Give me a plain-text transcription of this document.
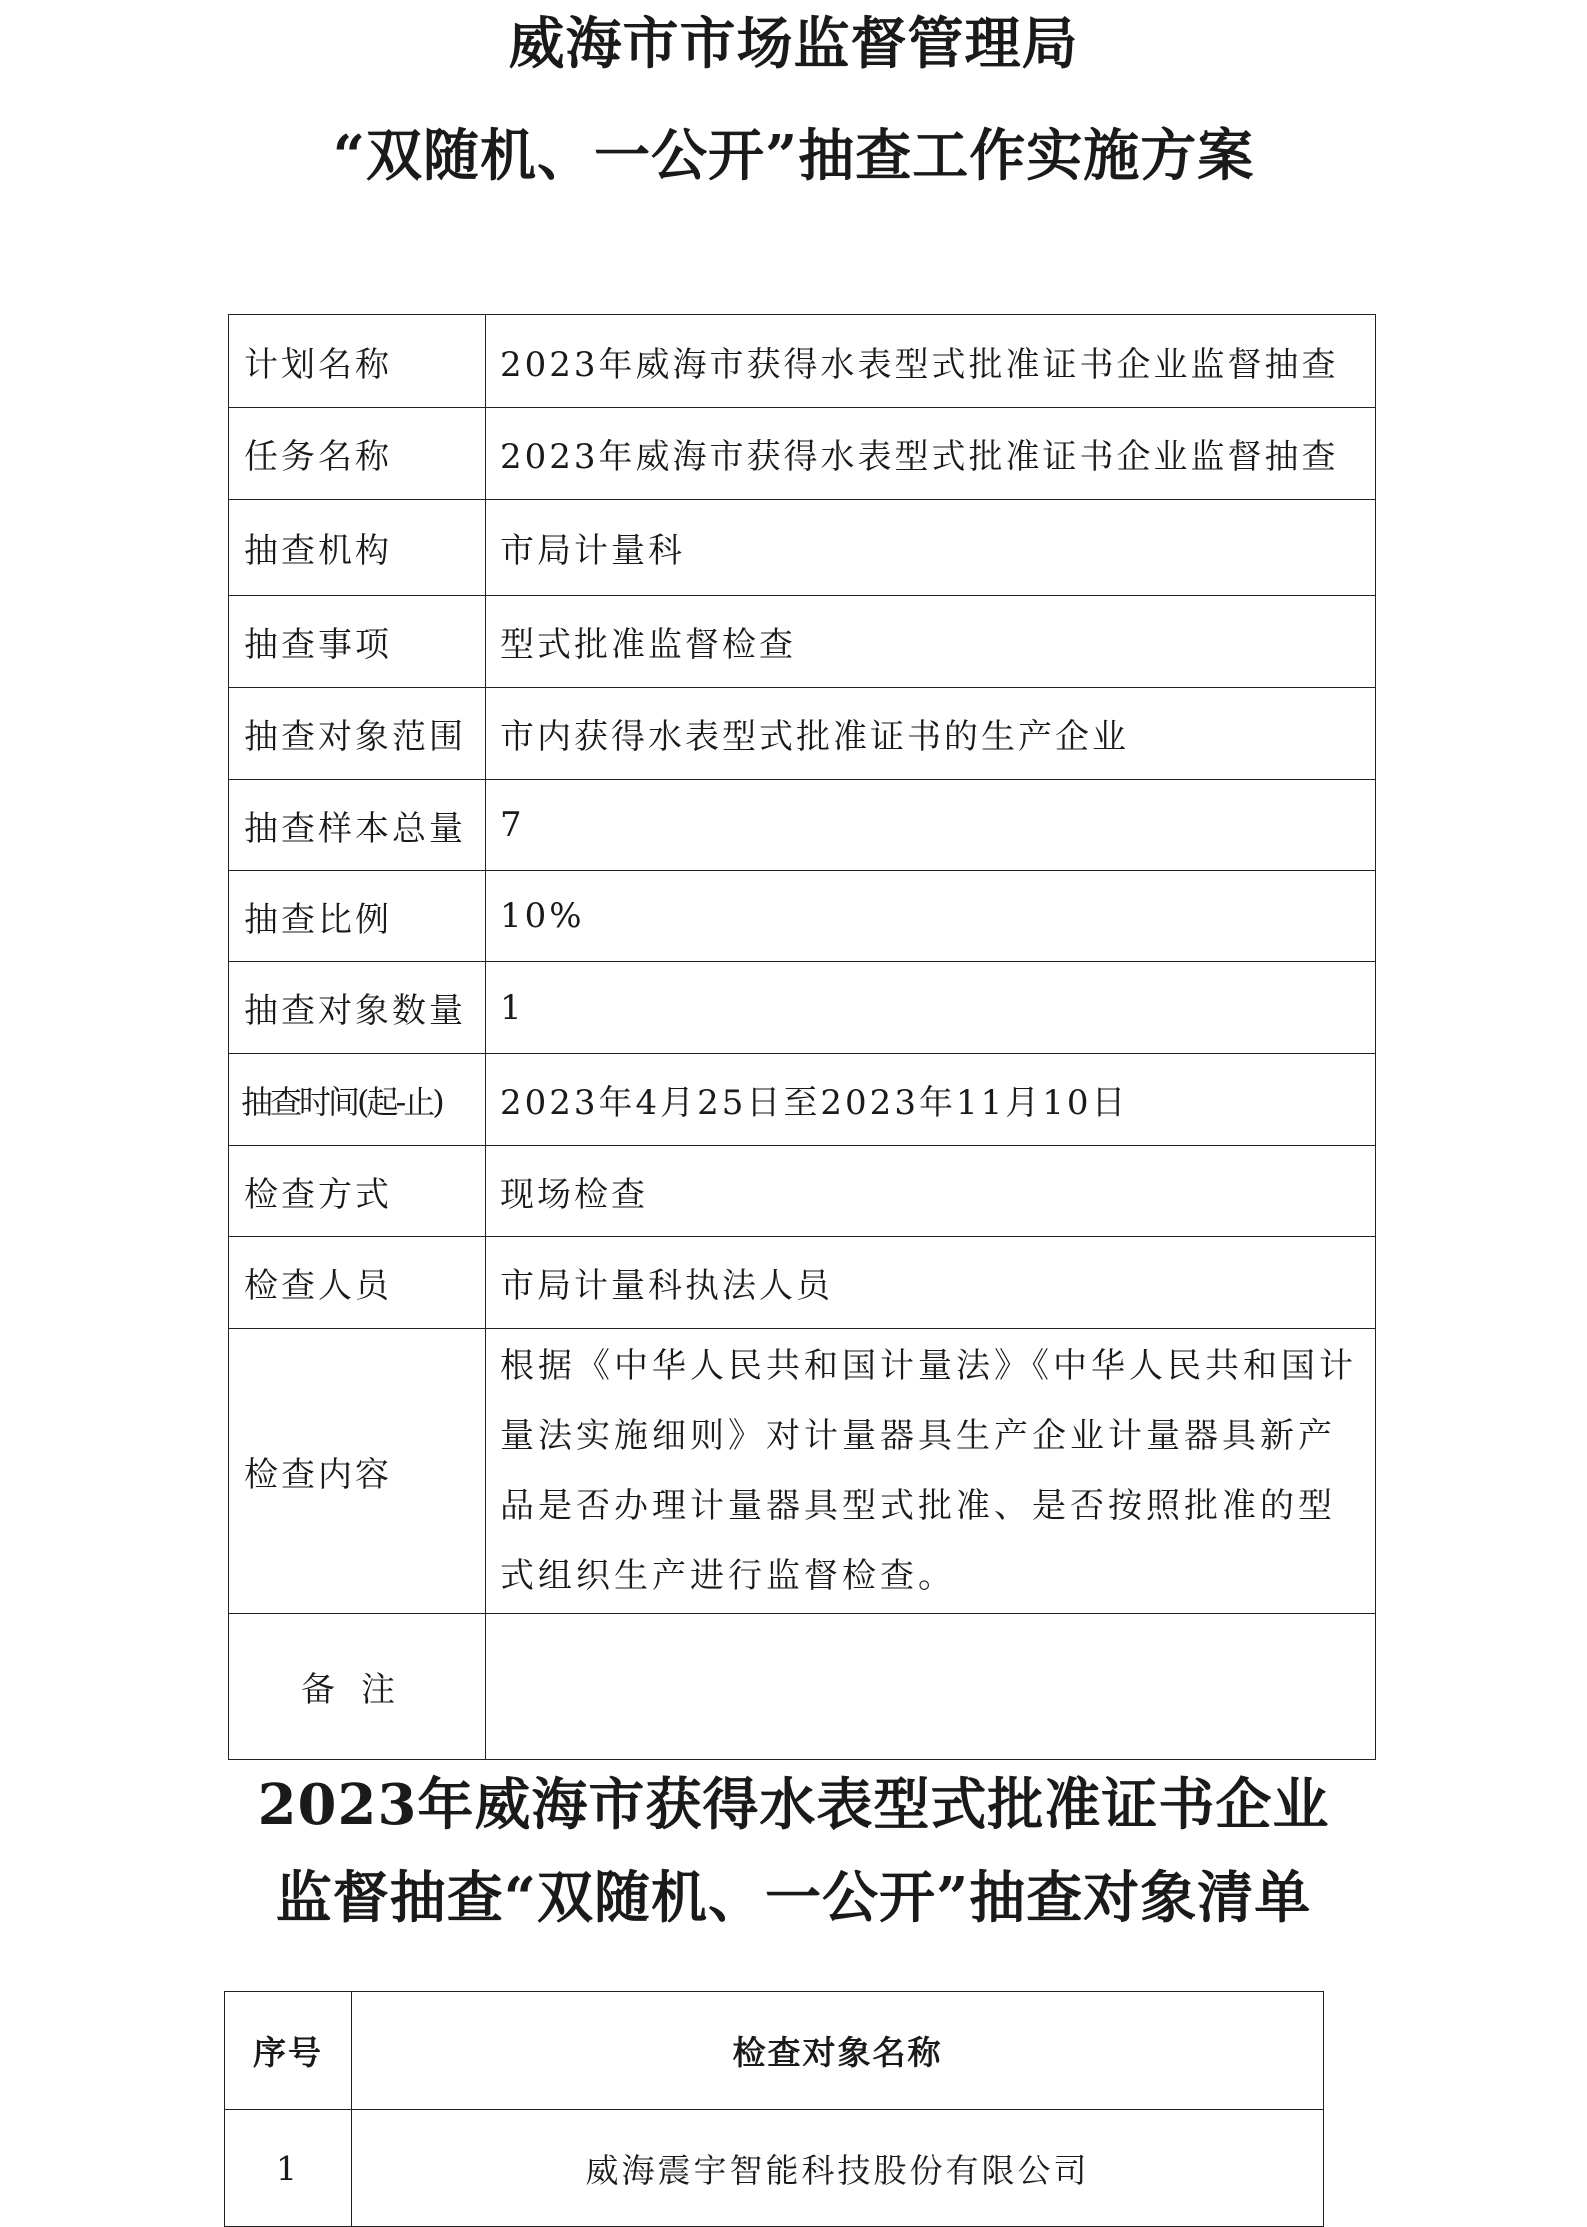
威海市市场监督管理局
“双随机、一公开”抽查工作实施方案
计划名称	2023年威海市获得水表型式批准证书企业监督抽查
任务名称	2023年威海市获得水表型式批准证书企业监督抽查
抽查机构	市局计量科
抽查事项	型式批准监督检查
抽查对象范围	市内获得水表型式批准证书的生产企业
抽查样本总量	7
抽查比例	10%
抽查对象数量	1
抽查时间(起-止)	2023年4月25日至2023年11月10日
检查方式	现场检查
检查人员	市局计量科执法人员
检查内容	根据《中华人民共和国计量法》《中华人民共和国计量法实施细则》对计量器具生产企业计量器具新产品是否办理计量器具型式批准、是否按照批准的型式组织生产进行监督检查。
备注	
2023年威海市获得水表型式批准证书企业
监督抽查“双随机、一公开”抽查对象清单
序号	检查对象名称
1	威海震宇智能科技股份有限公司
